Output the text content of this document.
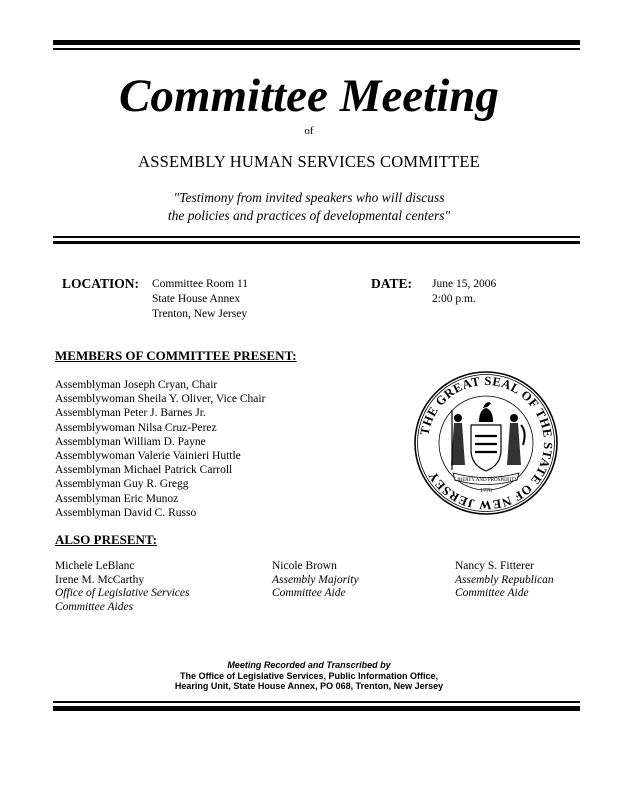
Committee Meeting
of
ASSEMBLY HUMAN SERVICES COMMITTEE
"Testimony from invited speakers who will discuss
the policies and practices of developmental centers"
LOCATION: Committee Room 11
State House Annex
Trenton, New Jersey
DATE: June 15, 2006
2:00 p.m.
MEMBERS OF COMMITTEE PRESENT:
Assemblyman Joseph Cryan, Chair
Assemblywoman Sheila Y. Oliver, Vice Chair
Assemblyman Peter J. Barnes Jr.
Assemblywoman Nilsa Cruz-Perez
Assemblyman William D. Payne
Assemblywoman Valerie Vainieri Huttle
Assemblyman Michael Patrick Carroll
Assemblyman Guy R. Gregg
Assemblyman Eric Munoz
Assemblyman David C. Russo
THE GREAT SEAL OF THE STATE OF NEW JERSEY	LIBERTY AND PROSPERITY
1776
ALSO PRESENT:
Michele LeBlanc
Irene M. McCarthy
Office of Legislative Services
Committee Aides
Nicole Brown
Assembly Majority
Committee Aide
Nancy S. Fitterer
Assembly Republican
Committee Aide
Meeting Recorded and Transcribed by
The Office of Legislative Services, Public Information Office,
Hearing Unit, State House Annex, PO 068, Trenton, New Jersey
